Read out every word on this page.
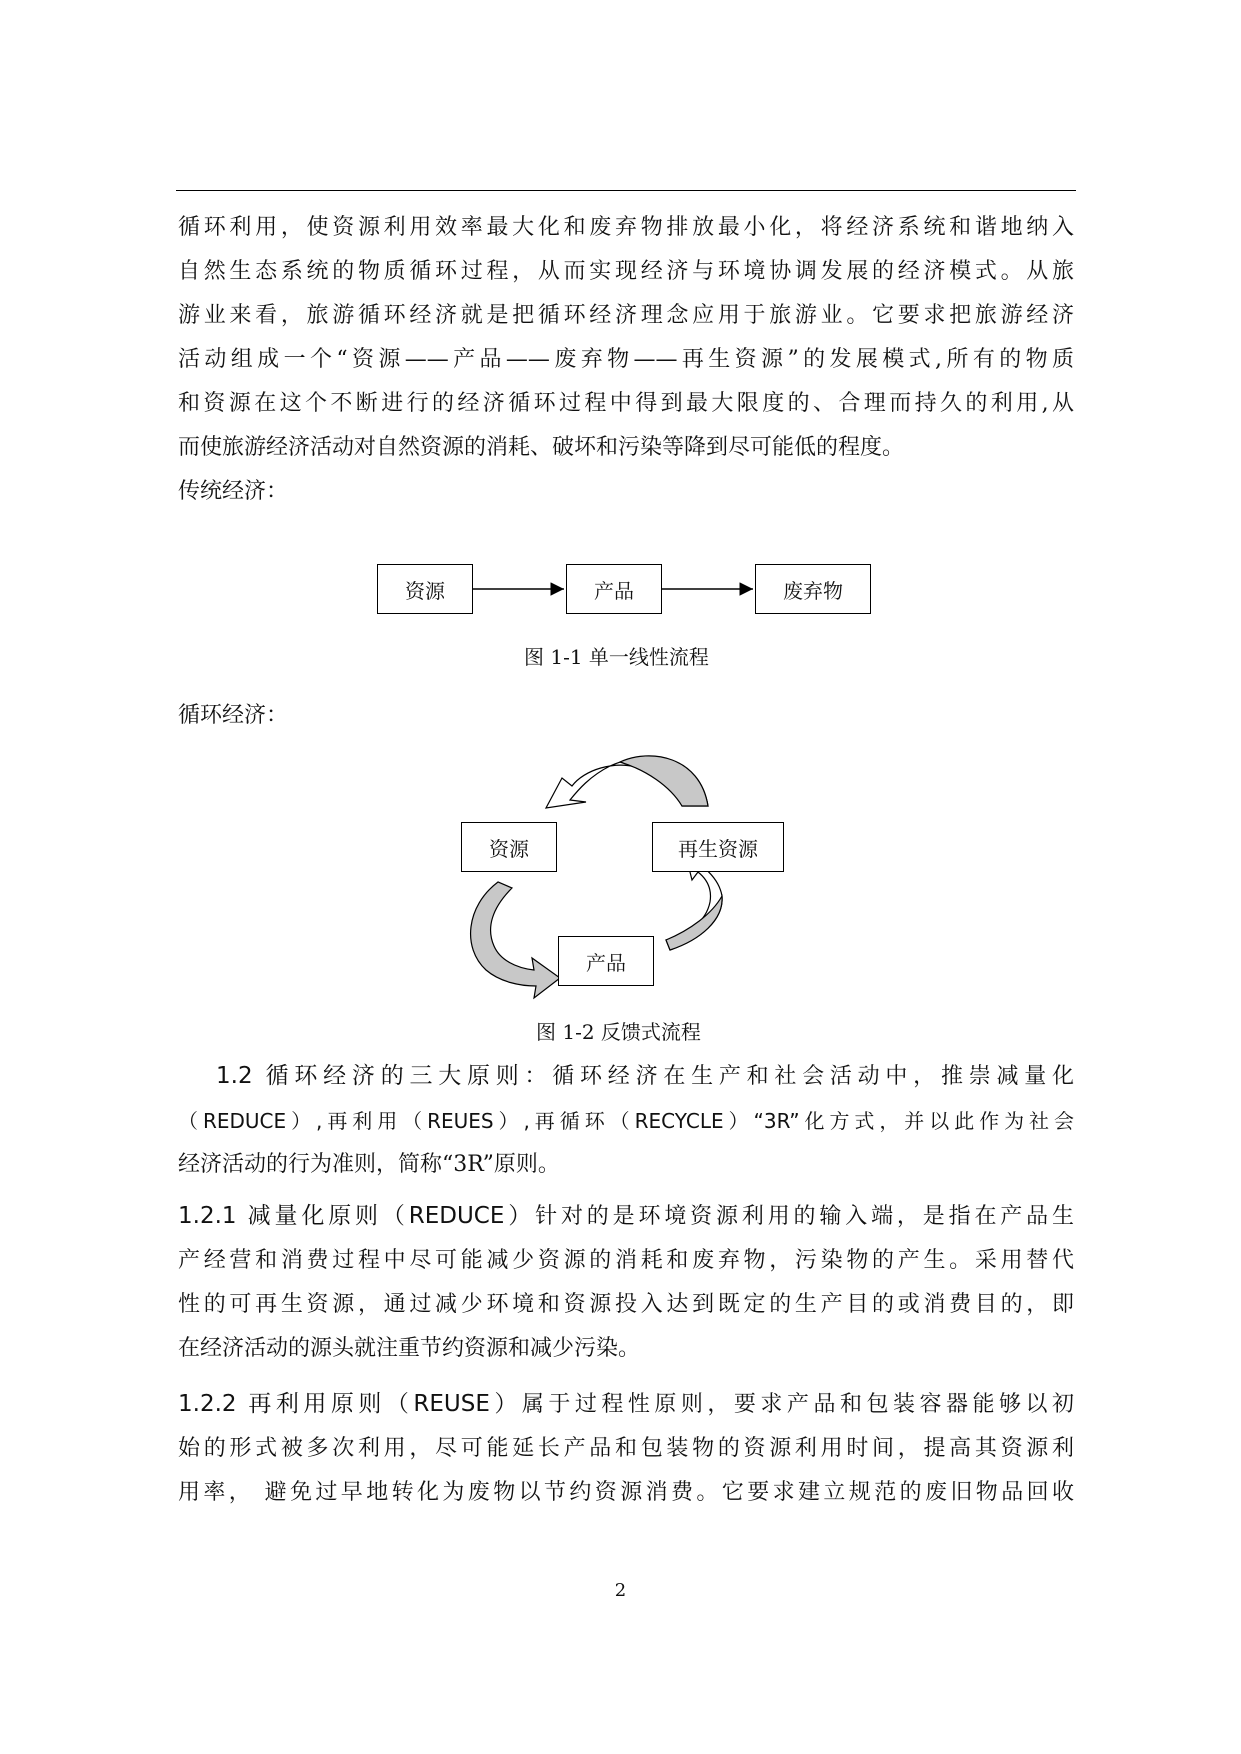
循环利用，使资源利用效率最大化和废弃物排放最小化，将经济系统和谐地纳入
自然生态系统的物质循环过程，从而实现经济与环境协调发展的经济模式。从旅
游业来看，旅游循环经济就是把循环经济理念应用于旅游业。它要求把旅游经济
活动组成一个“资源——产品——废弃物——再生资源”的发展模式,所有的物质
和资源在这个不断进行的经济循环过程中得到最大限度的、合理而持久的利用,从
而使旅游经济活动对自然资源的消耗、破坏和污染等降到尽可能低的程度。
传统经济：
资源	产品	废弃物
图 1-1 单一线性流程
循环经济：
资源	再生资源
产品
图 1-2 反馈式流程
1.2 循环经济的三大原则：循环经济在生产和社会活动中，推崇减量化
（REDUCE）,再利用（REUES）,再循环（RECYCLE）“3R”化方式，并以此作为社会
经济活动的行为准则，简称“3R”原则。
1.2.1 减量化原则（REDUCE）针对的是环境资源利用的输入端，是指在产品生
产经营和消费过程中尽可能减少资源的消耗和废弃物，污染物的产生。采用替代
性的可再生资源，通过减少环境和资源投入达到既定的生产目的或消费目的，即
在经济活动的源头就注重节约资源和减少污染。
1.2.2 再利用原则（REUSE）属于过程性原则，要求产品和包装容器能够以初
始的形式被多次利用，尽可能延长产品和包装物的资源利用时间，提高其资源利
用率， 避免过早地转化为废物以节约资源消费。它要求建立规范的废旧物品回收
2
